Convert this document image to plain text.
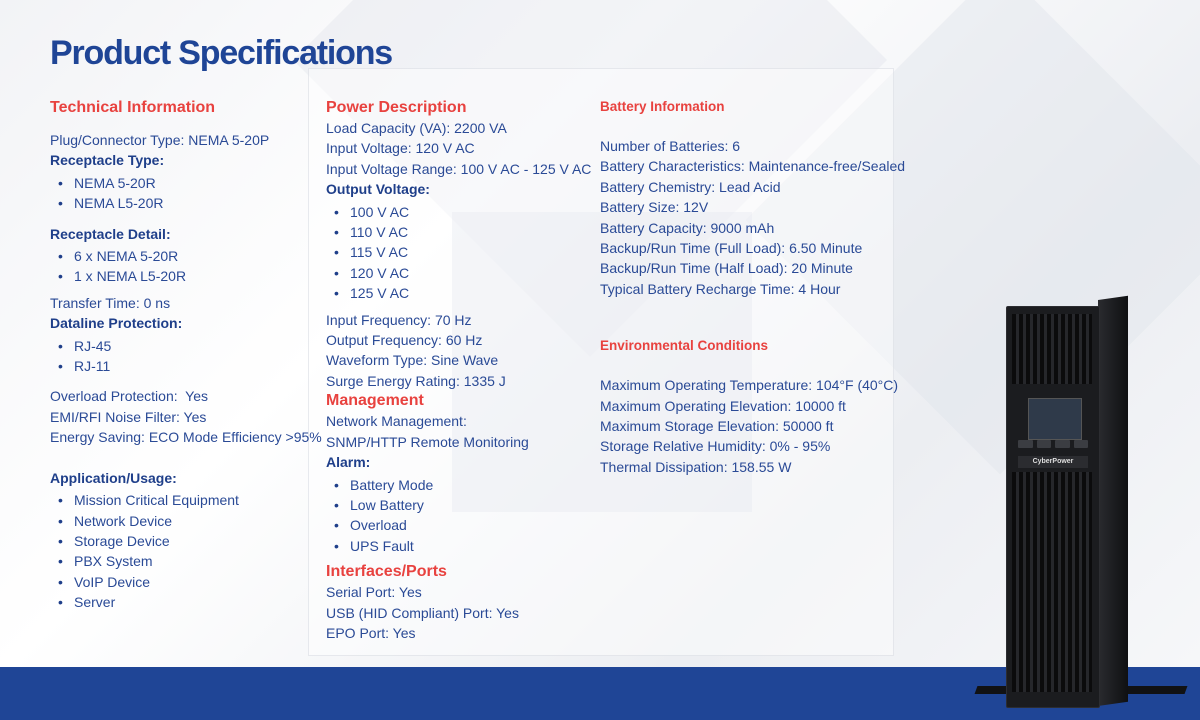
Product Specifications

Technical Information

Plug/Connector Type: NEMA 5-20P
Receptacle Type:
• NEMA 5-20R
• NEMA L5-20R
Receptacle Detail:
• 6 x NEMA 5-20R
• 1 x NEMA L5-20R
Transfer Time: 0 ns
Dataline Protection:
• RJ-45
• RJ-11
Overload Protection:  Yes
EMI/RFI Noise Filter: Yes
Energy Saving: ECO Mode Efficiency >95%
Application/Usage:
• Mission Critical Equipment
• Network Device
• Storage Device
• PBX System
• VoIP Device
• Server

Power Description

Load Capacity (VA): 2200 VA
Input Voltage: 120 V AC
Input Voltage Range: 100 V AC - 125 V AC
Output Voltage:
• 100 V AC
• 110 V AC
• 115 V AC
• 120 V AC
• 125 V AC
Input Frequency: 70 Hz
Output Frequency: 60 Hz
Waveform Type: Sine Wave
Surge Energy Rating: 1335 J

Management

Network Management:
SNMP/HTTP Remote Monitoring
Alarm:
• Battery Mode
• Low Battery
• Overload
• UPS Fault

Interfaces/Ports

Serial Port: Yes
USB (HID Compliant) Port: Yes
EPO Port: Yes

Battery Information

Number of Batteries: 6
Battery Characteristics: Maintenance-free/Sealed
Battery Chemistry: Lead Acid
Battery Size: 12V
Battery Capacity: 9000 mAh
Backup/Run Time (Full Load): 6.50 Minute
Backup/Run Time (Half Load): 20 Minute
Typical Battery Recharge Time: 4 Hour

Environmental Conditions

Maximum Operating Temperature: 104°F (40°C)
Maximum Operating Elevation: 10000 ft
Maximum Storage Elevation: 50000 ft
Storage Relative Humidity: 0% - 95%
Thermal Dissipation: 158.55 W	CyberPower
